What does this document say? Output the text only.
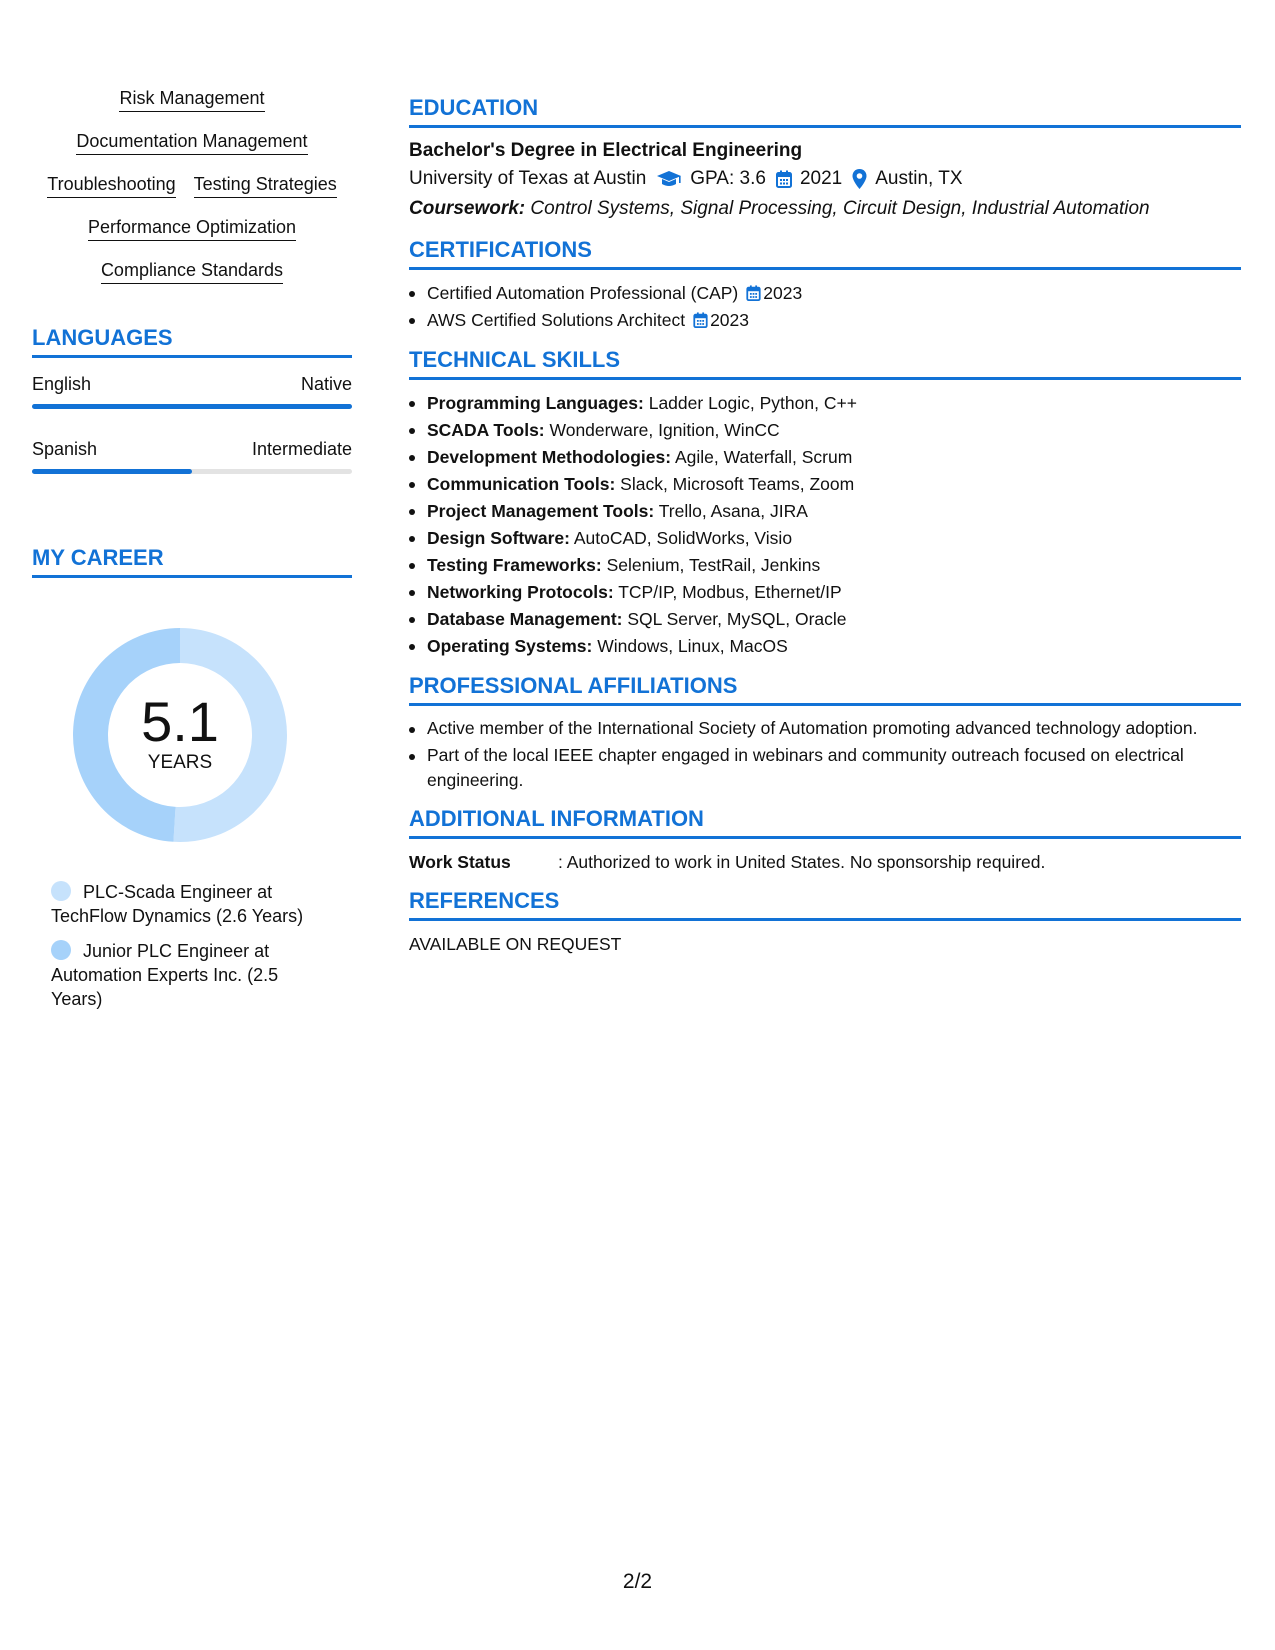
Risk Management
Documentation Management
Troubleshooting Testing Strategies
Performance Optimization
Compliance Standards
LANGUAGES
English	Native
Spanish	Intermediate
MY CAREER
5.1
YEARS
PLC-Scada Engineer at TechFlow Dynamics (2.6 Years)
Junior PLC Engineer at Automation Experts Inc. (2.5 Years)
EDUCATION
Bachelor's Degree in Electrical Engineering
University of Texas at Austin GPA: 3.6 2021 Austin, TX
Coursework: Control Systems, Signal Processing, Circuit Design, Industrial Automation
CERTIFICATIONS
Certified Automation Professional (CAP) 2023
AWS Certified Solutions Architect 2023
TECHNICAL SKILLS
Programming Languages: Ladder Logic, Python, C++
SCADA Tools: Wonderware, Ignition, WinCC
Development Methodologies: Agile, Waterfall, Scrum
Communication Tools: Slack, Microsoft Teams, Zoom
Project Management Tools: Trello, Asana, JIRA
Design Software: AutoCAD, SolidWorks, Visio
Testing Frameworks: Selenium, TestRail, Jenkins
Networking Protocols: TCP/IP, Modbus, Ethernet/IP
Database Management: SQL Server, MySQL, Oracle
Operating Systems: Windows, Linux, MacOS
PROFESSIONAL AFFILIATIONS
Active member of the International Society of Automation promoting advanced technology adoption.
Part of the local IEEE chapter engaged in webinars and community outreach focused on electrical engineering.
ADDITIONAL INFORMATION
Work Status	: Authorized to work in United States. No sponsorship required.
REFERENCES
AVAILABLE ON REQUEST
2/2
